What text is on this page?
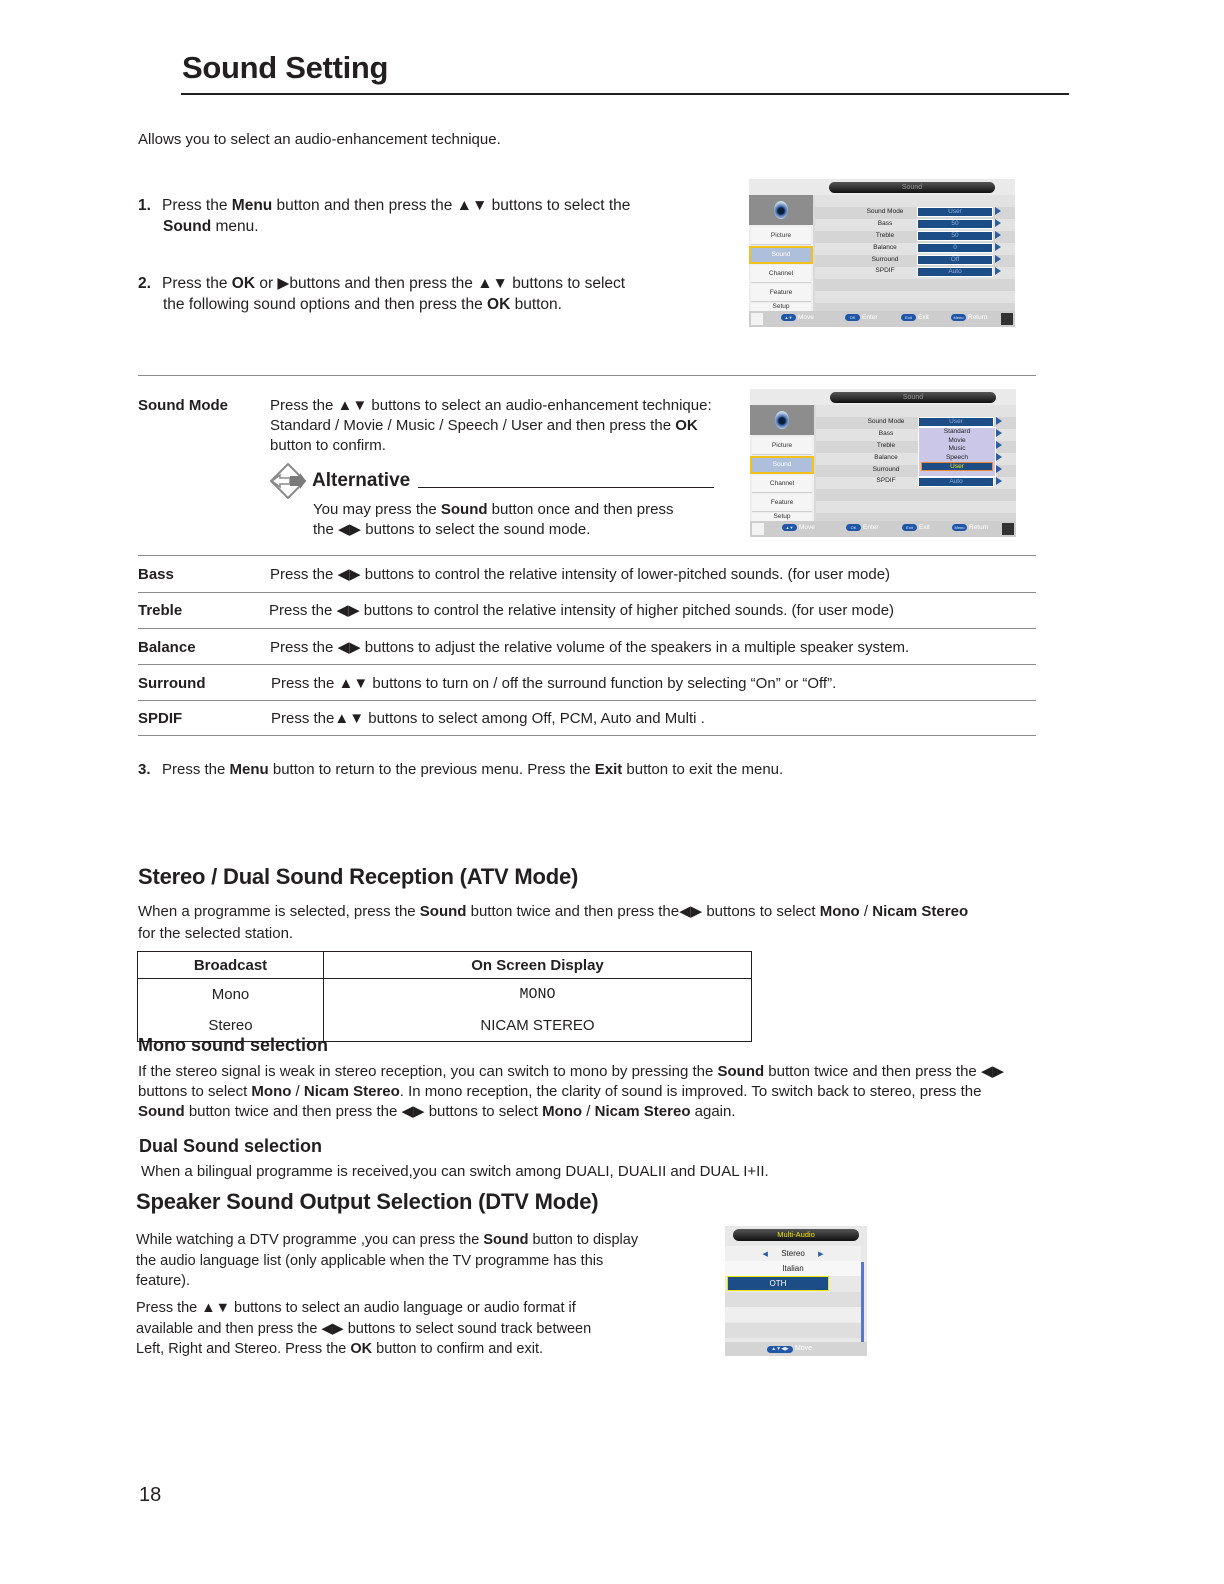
Sound Setting
Allows you to select an audio-enhancement technique.
1. Press the Menu button and then press the ▲▼ buttons to select the
Sound menu.
2. Press the OK or ▶buttons and then press the ▲▼ buttons to select
the following sound options and then press the OK button.
Sound
Picture
Sound
Channel
Feature
Setup
Sound Mode	User
Bass	50
Treble	50
Balance	0
Surround	Off
SPDIF	Auto
▲▼ Move	OK Enter	Exit Exit	Menu Return
Sound Mode	Press the ▲▼ buttons to select an audio-enhancement technique:
Standard / Movie / Music / Speech / User and then press the OK
button to confirm.
Alternative
You may press the Sound button once and then press
the ◀▶ buttons to select the sound mode.
Sound
Picture
Sound
Channel
Feature
Setup
Sound Mode	User
Bass
Treble
Balance
Surround
SPDIF	Auto
Standard
Movie
Music
Speech
User
▲▼ Move	OK Enter	Exit Exit	Menu Return
Bass	Press the ◀▶ buttons to control the relative intensity of lower-pitched sounds. (for user mode)
Treble	Press the ◀▶ buttons to control the relative intensity of higher pitched sounds. (for user mode)
Balance	Press the ◀▶ buttons to adjust the relative volume of the speakers in a multiple speaker system.
Surround	Press the ▲▼ buttons to turn on / off the surround function by selecting “On” or “Off”.
SPDIF	Press the▲▼ buttons to select among Off, PCM, Auto and Multi .
3. Press the Menu button to return to the previous menu. Press the Exit button to exit the menu.
Stereo / Dual Sound Reception (ATV Mode)
When a programme is selected, press the Sound button twice and then press the◀▶ buttons to select Mono / Nicam Stereo
for the selected station.
Broadcast	On Screen Display
Mono	MONO
Stereo	NICAM STEREO
Mono sound selection
If the stereo signal is weak in stereo reception, you can switch to mono by pressing the Sound button twice and then press the ◀▶
buttons to select Mono / Nicam Stereo. In mono reception, the clarity of sound is improved. To switch back to stereo, press the
Sound button twice and then press the ◀▶ buttons to select Mono / Nicam Stereo again.
Dual Sound selection
When a bilingual programme is received,you can switch among DUALI, DUALII and DUAL I+II.
Speaker Sound Output Selection (DTV Mode)
While watching a DTV programme ,you can press the Sound button to display
the audio language list (only applicable when the TV programme has this
feature).
Press the ▲▼ buttons to select an audio language or audio format if
available and then press the ◀▶ buttons to select sound track between
Left, Right and Stereo. Press the OK button to confirm and exit.
Multi-Audio
◀ Stereo ▶
Italian
OTH
▲▼◀▶ Move
18
